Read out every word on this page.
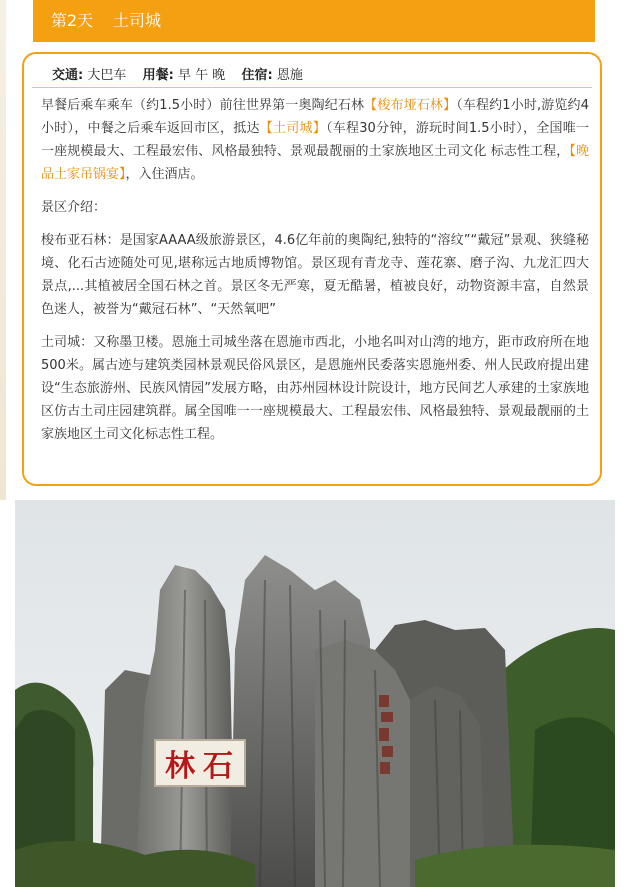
第2天 土司城
交通: 大巴车 用餐: 早 午 晚 住宿: 恩施

早餐后乘车乘车（约1.5小时）前往世界第一奥陶纪石林【梭布垭石林】（车程约1小时,游览约4小时），中餐之后乘车返回市区，抵达【土司城】（车程30分钟，游玩时间1.5小时），全国唯一一座规模最大、工程最宏伟、风格最独特、景观最靓丽的土家族地区土司文化 标志性工程，【晚品土家吊锅宴】，入住酒店。

景区介绍：

梭布亚石林：是国家AAAA级旅游景区，4.6亿年前的奥陶纪,独特的“溶纹”“戴冠”景观、狭缝秘境、化石古迹随处可见,堪称远古地质博物馆。景区现有青龙寺、莲花寨、磨子沟、九龙汇四大景点,...其植被居全国石林之首。景区冬无严寒，夏无酷暑，植被良好，动物资源丰富，自然景色迷人，被誉为“戴冠石林”、“天然氧吧”

土司城：又称墨卫楼。恩施土司城坐落在恩施市西北，小地名叫对山湾的地方，距市政府所在地500米。属古迹与建筑类园林景观民俗风景区，是恩施州民委落实恩施州委、州人民政府提出建设“生态旅游州、民族风情园”发展方略，由苏州园林设计院设计，地方民间艺人承建的土家族地区仿古土司庄园建筑群。属全国唯一一座规模最大、工程最宏伟、风格最独特、景观最靓丽的土家族地区土司文化标志性工程。

林 石
